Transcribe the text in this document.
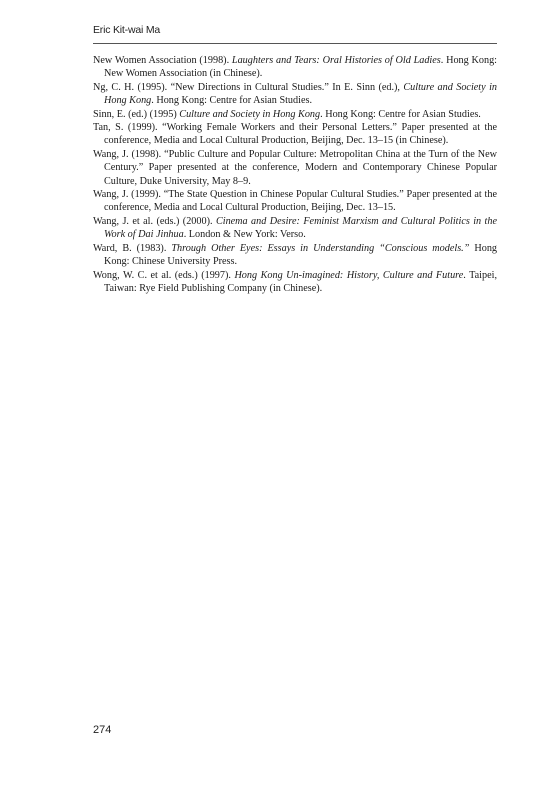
Eric Kit-wai Ma

New Women Association (1998). Laughters and Tears: Oral Histories of Old Ladies. Hong Kong: New Women Association (in Chinese).

Ng, C. H. (1995). “New Directions in Cultural Studies.” In E. Sinn (ed.), Culture and Society in Hong Kong. Hong Kong: Centre for Asian Studies.

Sinn, E. (ed.) (1995) Culture and Society in Hong Kong. Hong Kong: Centre for Asian Studies.

Tan, S. (1999). “Working Female Workers and their Personal Letters.” Paper presented at the conference, Media and Local Cultural Production, Beijing, Dec. 13–15 (in Chinese).

Wang, J. (1998). “Public Culture and Popular Culture: Metropolitan China at the Turn of the New Century.” Paper presented at the conference, Modern and Contemporary Chinese Popular Culture, Duke University, May 8–9.

Wang, J. (1999). “The State Question in Chinese Popular Cultural Studies.” Paper presented at the conference, Media and Local Cultural Production, Beijing, Dec. 13–15.

Wang, J. et al. (eds.) (2000). Cinema and Desire: Feminist Marxism and Cultural Politics in the Work of Dai Jinhua. London & New York: Verso.

Ward, B. (1983). Through Other Eyes: Essays in Understanding “Conscious models.” Hong Kong: Chinese University Press.

Wong, W. C. et al. (eds.) (1997). Hong Kong Un-imagined: History, Culture and Future. Taipei, Taiwan: Rye Field Publishing Company (in Chinese).

274
